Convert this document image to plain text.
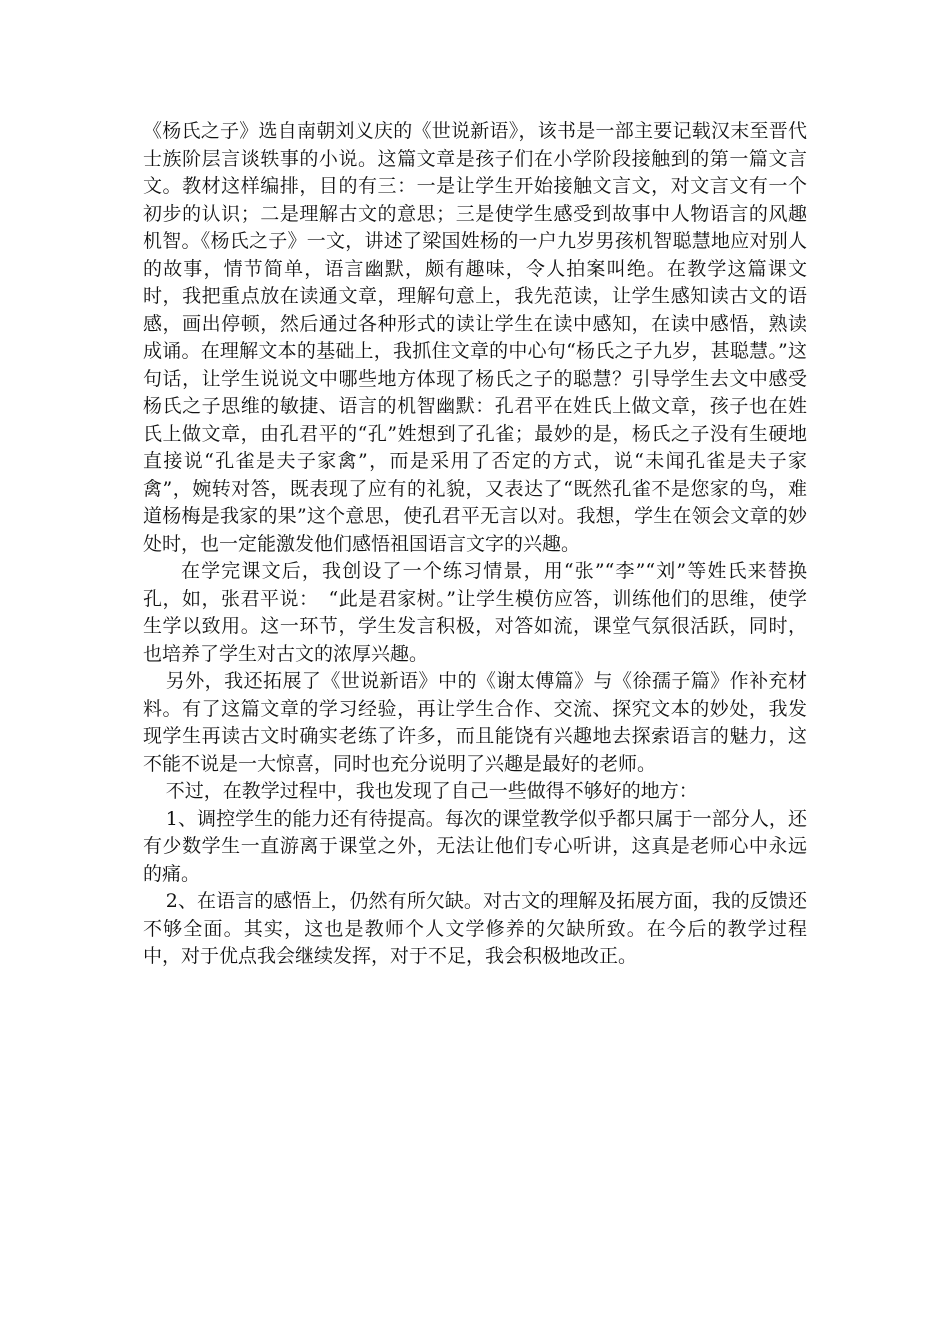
《杨氏之子》选自南朝刘义庆的《世说新语》，该书是一部主要记载汉末至晋代士族阶层言谈轶事的小说。这篇文章是孩子们在小学阶段接触到的第一篇文言文。教材这样编排，目的有三：一是让学生开始接触文言文，对文言文有一个初步的认识；二是理解古文的意思；三是使学生感受到故事中人物语言的风趣机智。《杨氏之子》一文，讲述了梁国姓杨的一户九岁男孩机智聪慧地应对别人的故事，情节简单，语言幽默，颇有趣味，令人拍案叫绝。在教学这篇课文时，我把重点放在读通文章，理解句意上，我先范读，让学生感知读古文的语感，画出停顿，然后通过各种形式的读让学生在读中感知，在读中感悟，熟读成诵。在理解文本的基础上，我抓住文章的中心句“杨氏之子九岁，甚聪慧。”这句话，让学生说说文中哪些地方体现了杨氏之子的聪慧？引导学生去文中感受杨氏之子思维的敏捷、语言的机智幽默：孔君平在姓氏上做文章，孩子也在姓氏上做文章，由孔君平的“孔”姓想到了孔雀；最妙的是，杨氏之子没有生硬地直接说“孔雀是夫子家禽”，而是采用了否定的方式，说“未闻孔雀是夫子家禽”，婉转对答，既表现了应有的礼貌，又表达了“既然孔雀不是您家的鸟，难道杨梅是我家的果”这个意思，使孔君平无言以对。我想，学生在领会文章的妙处时，也一定能激发他们感悟祖国语言文字的兴趣。

在学完课文后，我创设了一个练习情景，用“张”“李”“刘”等姓氏来替换孔，如，张君平说：　“此是君家树。”让学生模仿应答，训练他们的思维，使学生学以致用。这一环节，学生发言积极，对答如流，课堂气氛很活跃，同时，也培养了学生对古文的浓厚兴趣。

另外，我还拓展了《世说新语》中的《谢太傅篇》与《徐孺子篇》作补充材料。有了这篇文章的学习经验，再让学生合作、交流、探究文本的妙处，我发现学生再读古文时确实老练了许多，而且能饶有兴趣地去探索语言的魅力，这不能不说是一大惊喜，同时也充分说明了兴趣是最好的老师。

不过，在教学过程中，我也发现了自己一些做得不够好的地方：

1、调控学生的能力还有待提高。每次的课堂教学似乎都只属于一部分人，还有少数学生一直游离于课堂之外，无法让他们专心听讲，这真是老师心中永远的痛。

2、在语言的感悟上，仍然有所欠缺。对古文的理解及拓展方面，我的反馈还不够全面。其实，这也是教师个人文学修养的欠缺所致。在今后的教学过程中，对于优点我会继续发挥，对于不足，我会积极地改正。
